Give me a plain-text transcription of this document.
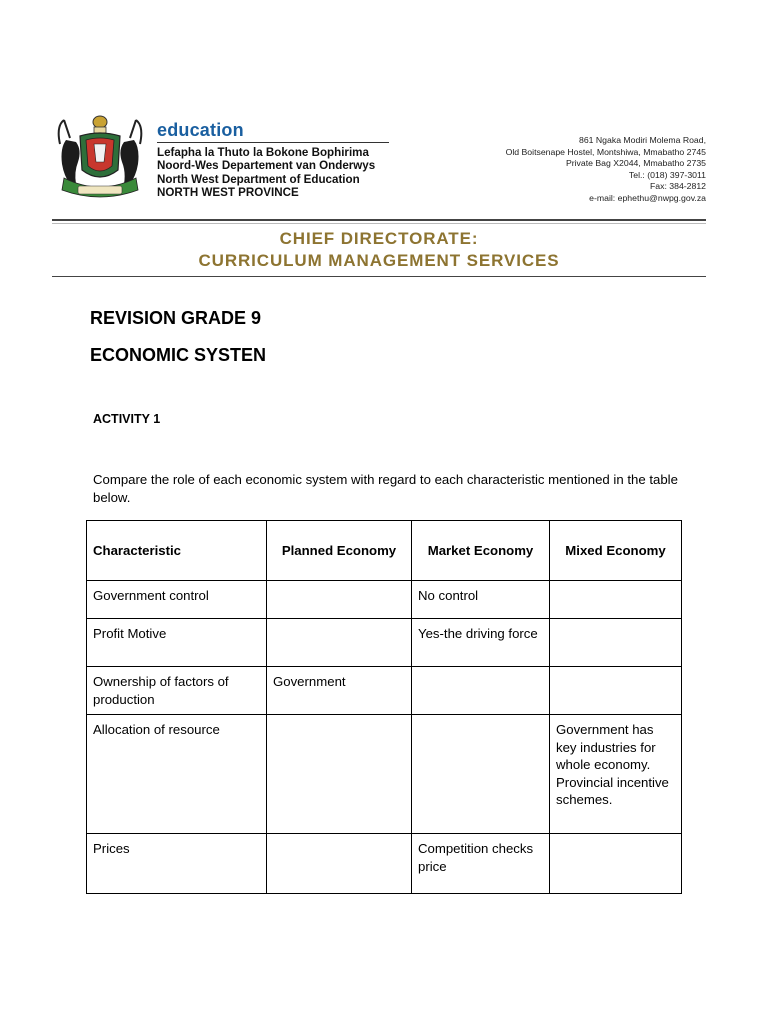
education
Lefapha la Thuto la Bokone Bophirima
Noord-Wes Departement van Onderwys
North West Department of Education
NORTH WEST PROVINCE
861 Ngaka Modiri Molema Road,
Old Boitsenape Hostel, Montshiwa, Mmabatho 2745
Private Bag X2044, Mmabatho 2735
Tel.: (018) 397-3011
Fax: 384-2812
e-mail: ephethu@nwpg.gov.za
CHIEF DIRECTORATE:
CURRICULUM MANAGEMENT SERVICES
REVISION GRADE 9
ECONOMIC SYSTEN
ACTIVITY 1
Compare the role of each economic system with regard to each characteristic mentioned in the table below.
Characteristic	Planned Economy	Market Economy	Mixed Economy
Government control		No control	
Profit Motive		Yes-the driving force	
Ownership of factors of production	Government		
Allocation of resource			Government has key industries for whole economy. Provincial incentive schemes.
Prices		Competition checks price	
